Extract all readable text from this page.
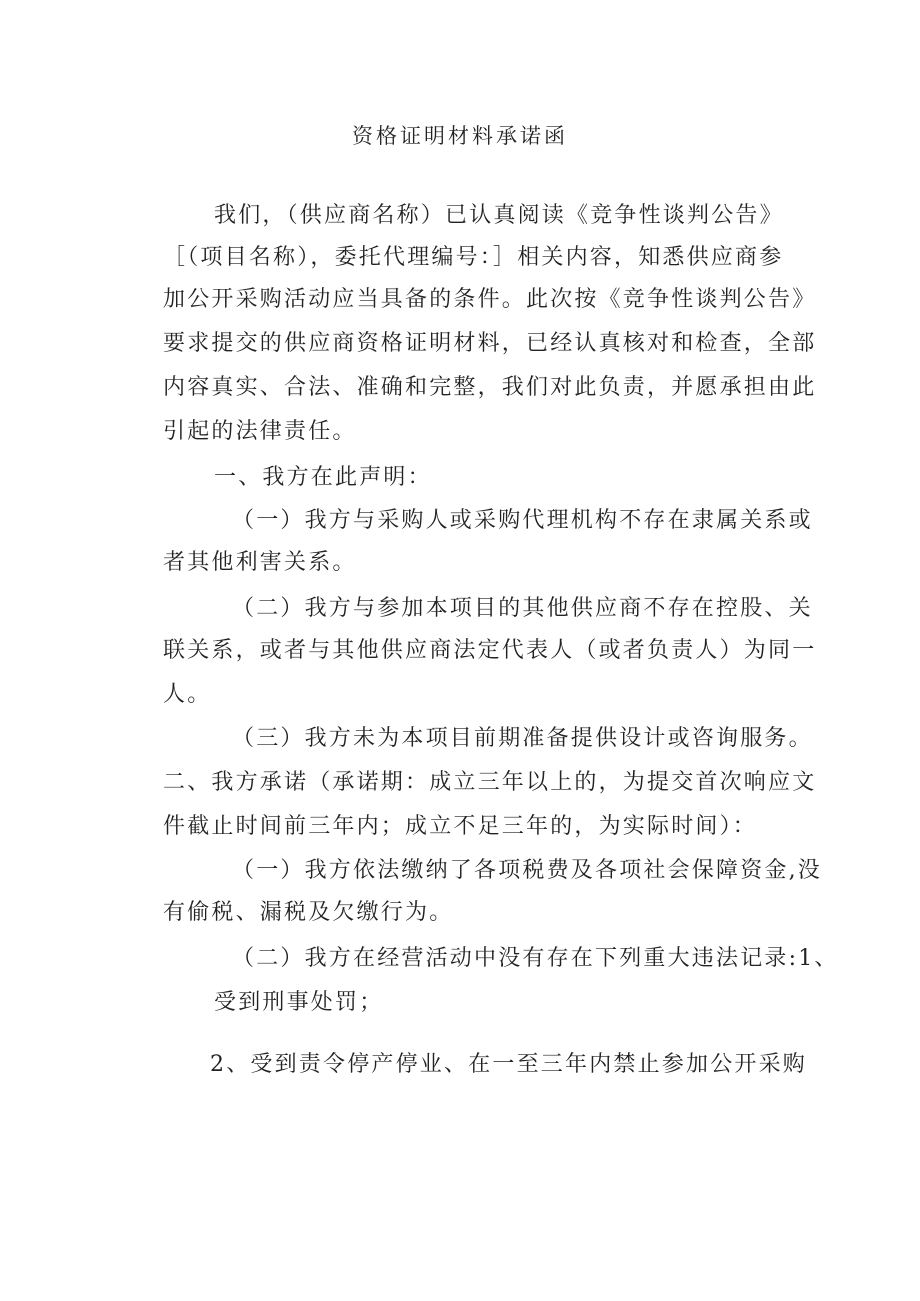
资格证明材料承诺函
我们，（供应商名称）已认真阅读《竞争性谈判公告》
［（项目名称），委托代理编号：］相关内容，知悉供应商参
加公开采购活动应当具备的条件。此次按《竞争性谈判公告》
要求提交的供应商资格证明材料，已经认真核对和检查，全部
内容真实、合法、准确和完整，我们对此负责，并愿承担由此
引起的法律责任。
一、我方在此声明：
（一）我方与采购人或采购代理机构不存在隶属关系或
者其他利害关系。
（二）我方与参加本项目的其他供应商不存在控股、关
联关系，或者与其他供应商法定代表人（或者负责人）为同一
人。
（三）我方未为本项目前期准备提供设计或咨询服务。
二、我方承诺（承诺期：成立三年以上的，为提交首次响应文
件截止时间前三年内；成立不足三年的，为实际时间）：
（一）我方依法缴纳了各项税费及各项社会保障资金,没
有偷税、漏税及欠缴行为。
（二）我方在经营活动中没有存在下列重大违法记录:1、
受到刑事处罚；
2、受到责令停产停业、在一至三年内禁止参加公开采购
